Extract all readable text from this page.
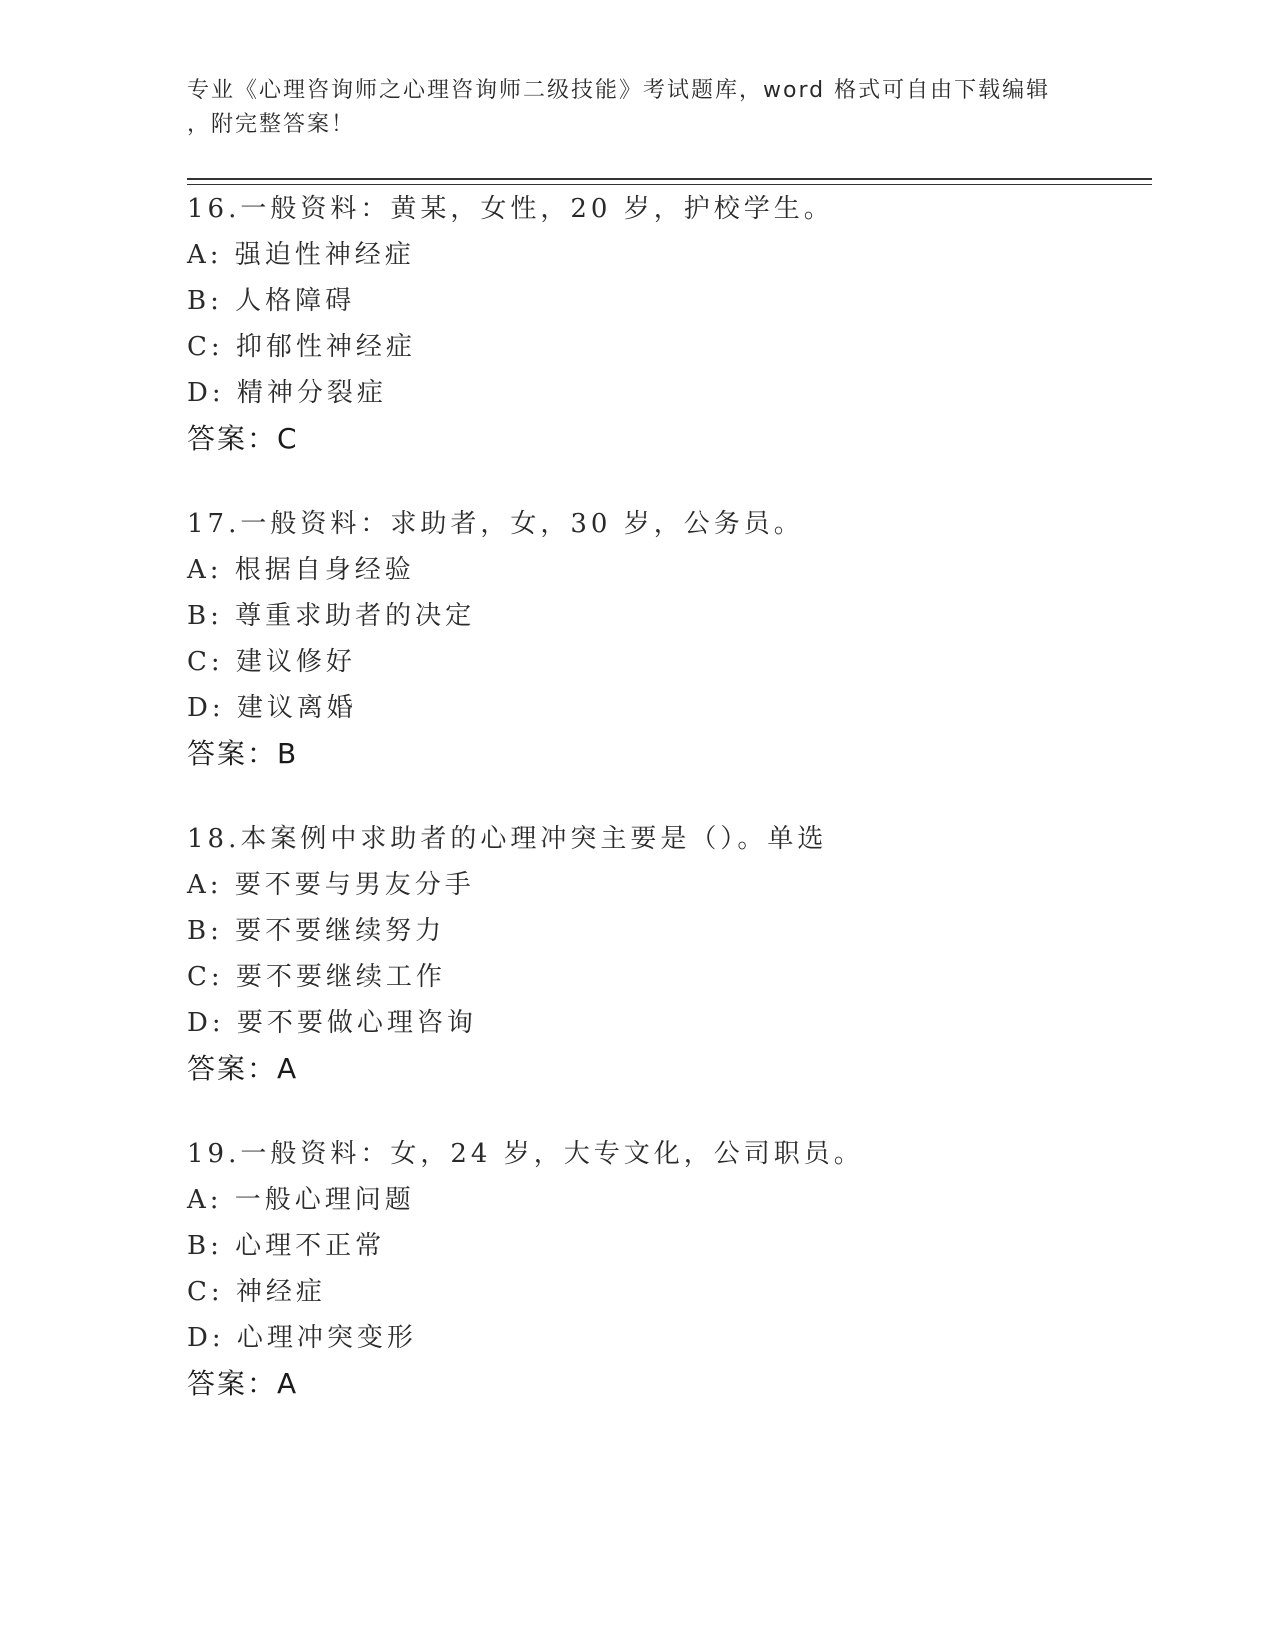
专业《心理咨询师之心理咨询师二级技能》考试题库，word 格式可自由下载编辑
，附完整答案！
16.一般资料：黄某，女性，20 岁，护校学生。
A: 强迫性神经症
B: 人格障碍
C: 抑郁性神经症
D: 精神分裂症
答案：C
17.一般资料：求助者，女，30 岁，公务员。
A: 根据自身经验
B: 尊重求助者的决定
C: 建议修好
D: 建议离婚
答案：B
18.本案例中求助者的心理冲突主要是（）。单选
A: 要不要与男友分手
B: 要不要继续努力
C: 要不要继续工作
D: 要不要做心理咨询
答案：A
19.一般资料：女，24 岁，大专文化，公司职员。
A: 一般心理问题
B: 心理不正常
C: 神经症
D: 心理冲突变形
答案：A
